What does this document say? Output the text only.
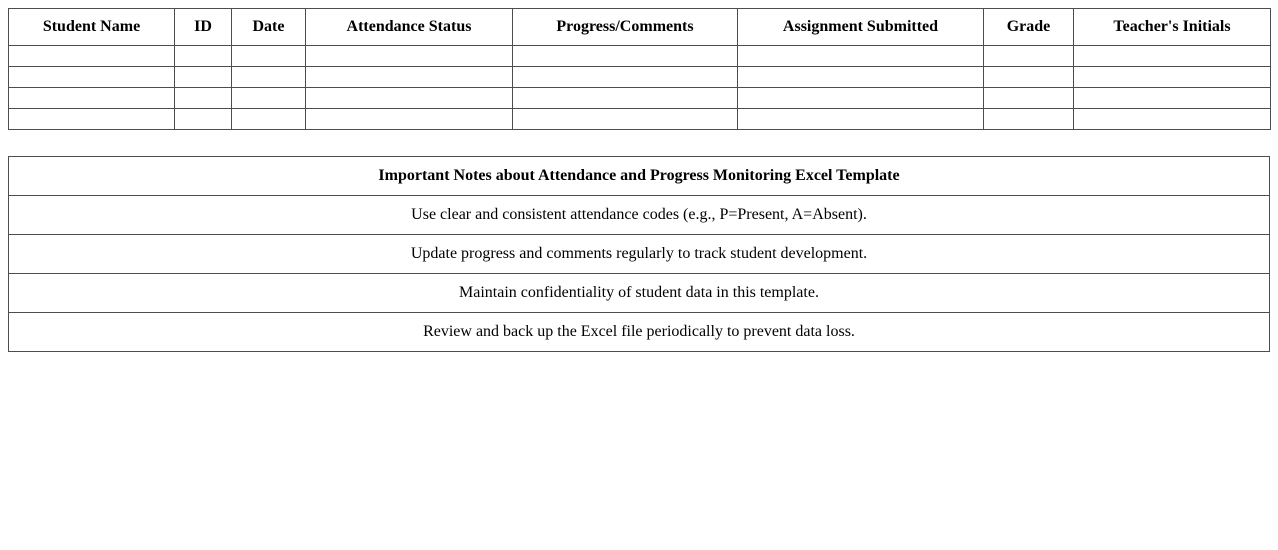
Student Name	ID	Date	Attendance Status	Progress/Comments	Assignment Submitted	Grade	Teacher's Initials

Important Notes about Attendance and Progress Monitoring Excel Template
Use clear and consistent attendance codes (e.g., P=Present, A=Absent).
Update progress and comments regularly to track student development.
Maintain confidentiality of student data in this template.
Review and back up the Excel file periodically to prevent data loss.
